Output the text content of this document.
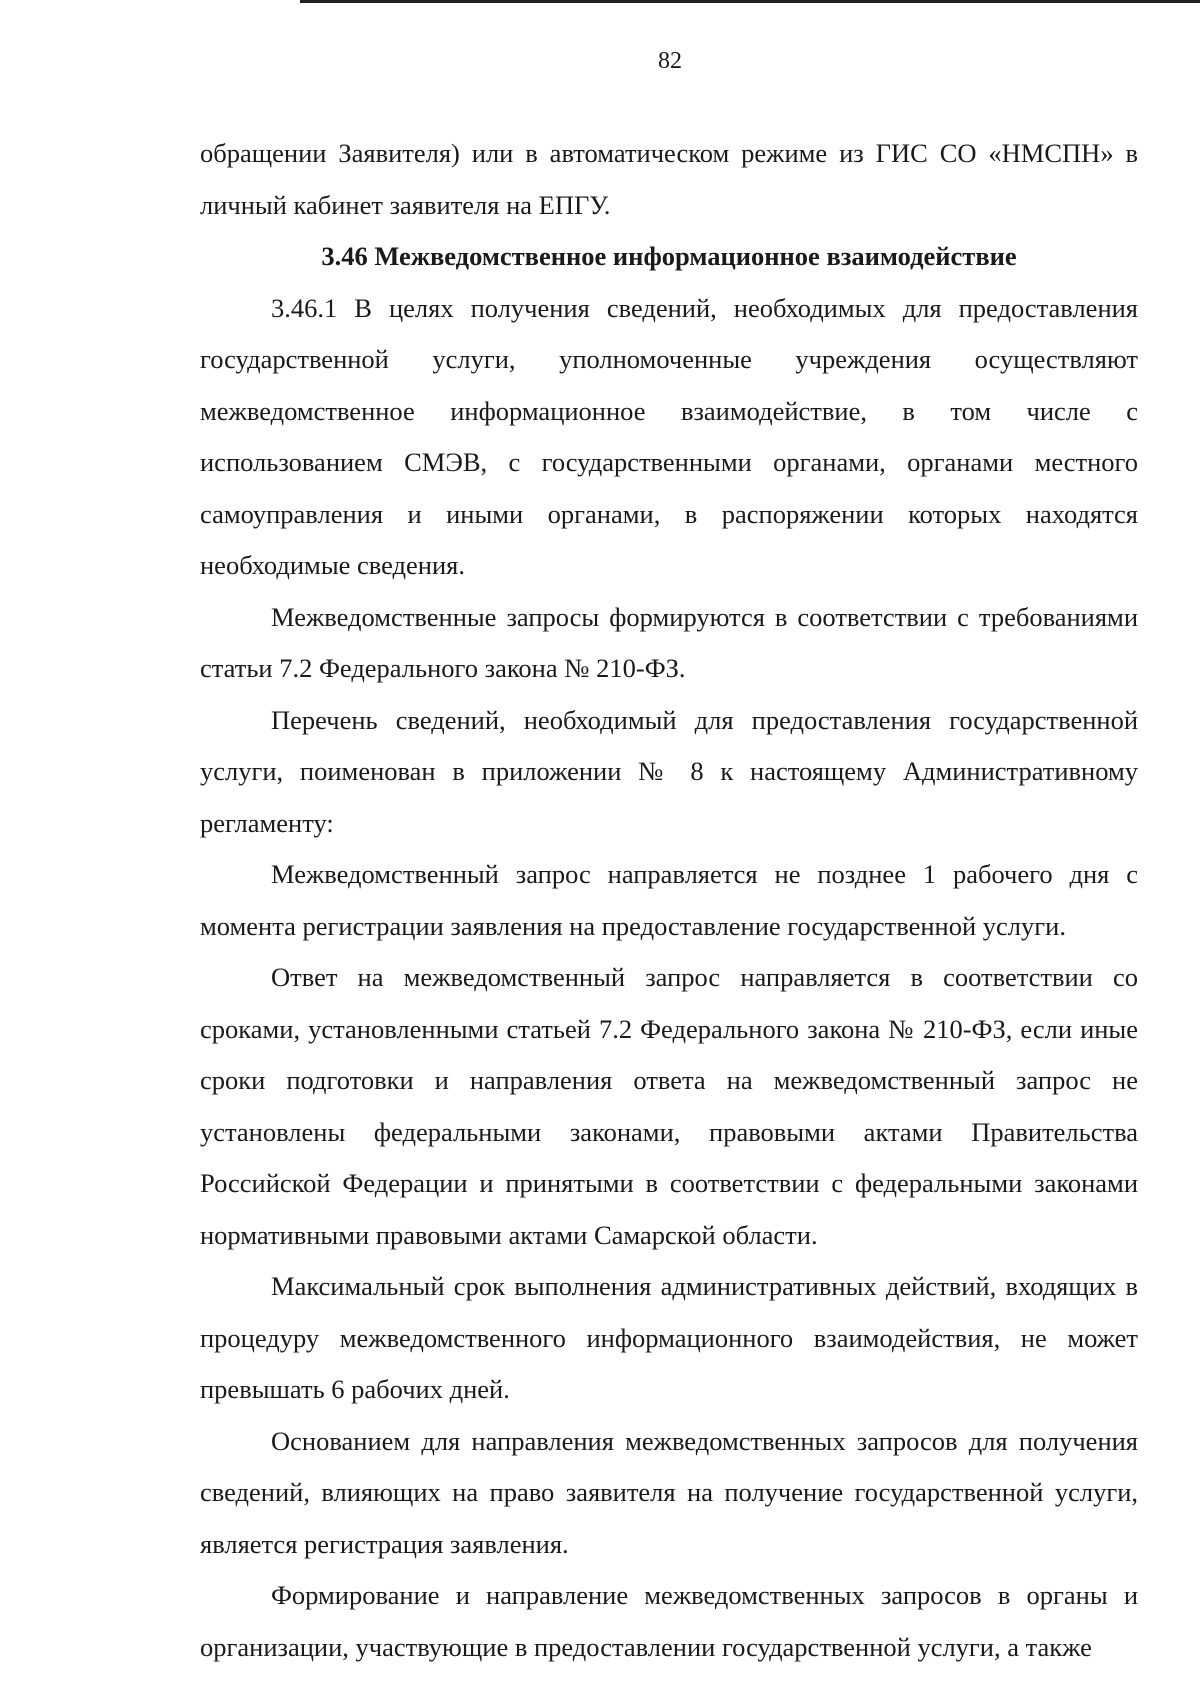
82

обращении Заявителя) или в автоматическом режиме из ГИС СО «НМСПН» в личный кабинет заявителя на ЕПГУ.

3.46 Межведомственное информационное взаимодействие

3.46.1 В целях получения сведений, необходимых для предоставления государственной услуги, уполномоченные учреждения осуществляют межведомственное информационное взаимодействие, в том числе с использованием СМЭВ, с государственными органами, органами местного самоуправления и иными органами, в распоряжении которых находятся необходимые сведения.

Межведомственные запросы формируются в соответствии с требованиями статьи 7.2 Федерального закона № 210-ФЗ.

Перечень сведений, необходимый для предоставления государственной услуги, поименован в приложении № 8 к настоящему Административному регламенту:

Межведомственный запрос направляется не позднее 1 рабочего дня с момента регистрации заявления на предоставление государственной услуги.

Ответ на межведомственный запрос направляется в соответствии со сроками, установленными статьей 7.2 Федерального закона № 210-ФЗ, если иные сроки подготовки и направления ответа на межведомственный запрос не установлены федеральными законами, правовыми актами Правительства Российской Федерации и принятыми в соответствии с федеральными законами нормативными правовыми актами Самарской области.

Максимальный срок выполнения административных действий, входящих в процедуру межведомственного информационного взаимодействия, не может превышать 6 рабочих дней.

Основанием для направления межведомственных запросов для получения сведений, влияющих на право заявителя на получение государственной услуги, является регистрация заявления.

Формирование и направление межведомственных запросов в органы и организации, участвующие в предоставлении государственной услуги, а также
